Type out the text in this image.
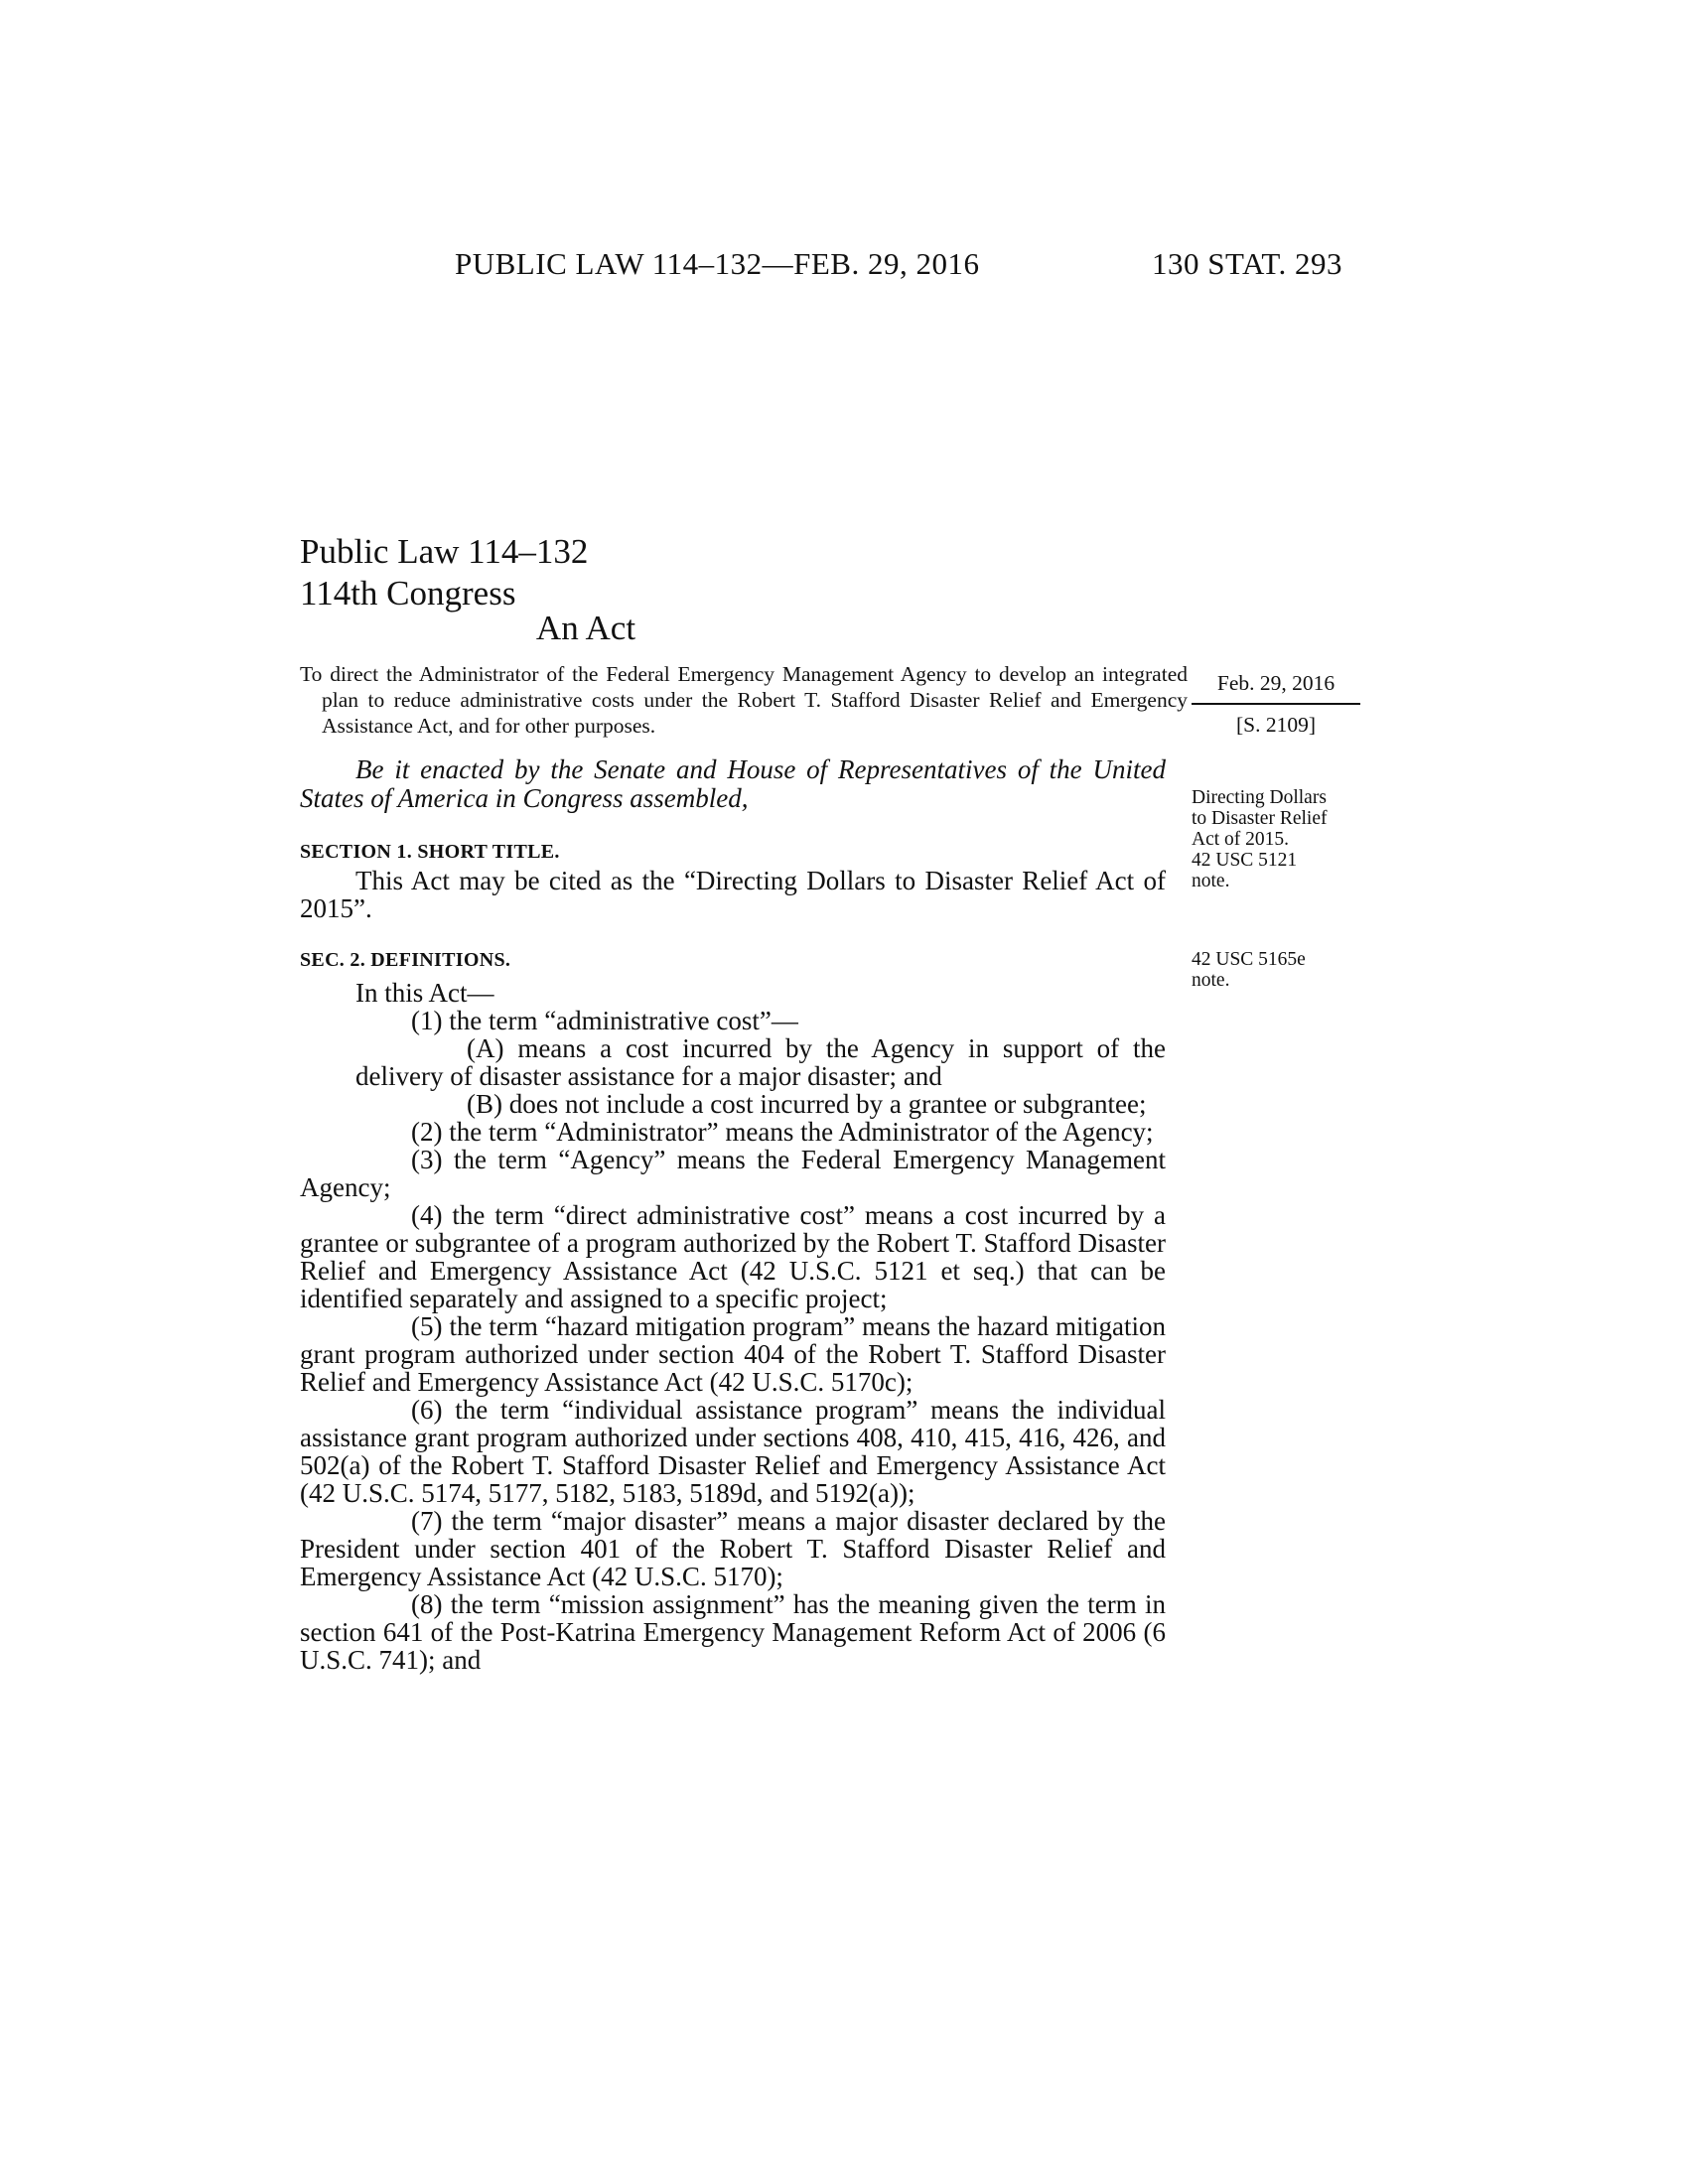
PUBLIC LAW 114–132—FEB. 29, 2016	130 STAT. 293
Public Law 114–132
114th Congress
An Act
To direct the Administrator of the Federal Emergency Management Agency to develop an integrated plan to reduce administrative costs under the Robert T. Stafford Disaster Relief and Emergency Assistance Act, and for other purposes.
Feb. 29, 2016
[S. 2109]
Be it enacted by the Senate and House of Representatives of the United States of America in Congress assembled,	Directing Dollars
to Disaster Relief
Act of 2015.
42 USC 5121
note.
SECTION 1. SHORT TITLE.
This Act may be cited as the “Directing Dollars to Disaster Relief Act of 2015”.
SEC. 2. DEFINITIONS.	42 USC 5165e
note.

In this Act—

(1) the term “administrative cost”—

(A) means a cost incurred by the Agency in support of the delivery of disaster assistance for a major disaster; and

(B) does not include a cost incurred by a grantee or subgrantee;

(2) the term “Administrator” means the Administrator of the Agency;

(3) the term “Agency” means the Federal Emergency Management Agency;

(4) the term “direct administrative cost” means a cost incurred by a grantee or subgrantee of a program authorized by the Robert T. Stafford Disaster Relief and Emergency Assistance Act (42 U.S.C. 5121 et seq.) that can be identified separately and assigned to a specific project;

(5) the term “hazard mitigation program” means the hazard mitigation grant program authorized under section 404 of the Robert T. Stafford Disaster Relief and Emergency Assistance Act (42 U.S.C. 5170c);

(6) the term “individual assistance program” means the individual assistance grant program authorized under sections 408, 410, 415, 416, 426, and 502(a) of the Robert T. Stafford Disaster Relief and Emergency Assistance Act (42 U.S.C. 5174, 5177, 5182, 5183, 5189d, and 5192(a));

(7) the term “major disaster” means a major disaster declared by the President under section 401 of the Robert T. Stafford Disaster Relief and Emergency Assistance Act (42 U.S.C. 5170);

(8) the term “mission assignment” has the meaning given the term in section 641 of the Post-Katrina Emergency Management Reform Act of 2006 (6 U.S.C. 741); and
